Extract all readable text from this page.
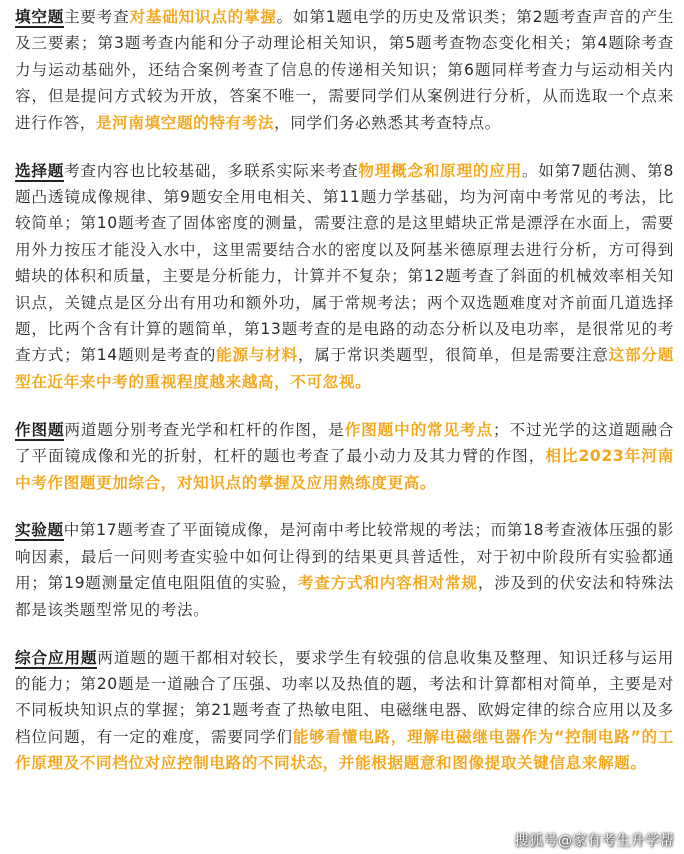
填空题主要考查对基础知识点的掌握。如第1题电学的历史及常识类；第2题考查声音的产生及三要素；第3题考查内能和分子动理论相关知识，第5题考查物态变化相关；第4题除考查力与运动基础外，还结合案例考查了信息的传递相关知识；第6题同样考查力与运动相关内容，但是提问方式较为开放，答案不唯一，需要同学们从案例进行分析，从而选取一个点来进行作答，是河南填空题的特有考法，同学们务必熟悉其考查特点。

选择题考查内容也比较基础，多联系实际来考查物理概念和原理的应用。如第7题估测、第8题凸透镜成像规律、第9题安全用电相关、第11题力学基础，均为河南中考常见的考法，比较简单；第10题考查了固体密度的测量，需要注意的是这里蜡块正常是漂浮在水面上，需要用外力按压才能没入水中，这里需要结合水的密度以及阿基米德原理去进行分析，方可得到蜡块的体积和质量，主要是分析能力，计算并不复杂；第12题考查了斜面的机械效率相关知识点，关键点是区分出有用功和额外功，属于常规考法；两个双选题难度对齐前面几道选择题，比两个含有计算的题简单，第13题考查的是电路的动态分析以及电功率，是很常见的考查方式；第14题则是考查的能源与材料，属于常识类题型，很简单，但是需要注意这部分题型在近年来中考的重视程度越来越高，不可忽视。

作图题两道题分别考查光学和杠杆的作图，是作图题中的常见考点；不过光学的这道题融合了平面镜成像和光的折射，杠杆的题也考查了最小动力及其力臂的作图，相比2023年河南中考作图题更加综合，对知识点的掌握及应用熟练度更高。

实验题中第17题考查了平面镜成像，是河南中考比较常规的考法；而第18考查液体压强的影响因素，最后一问则考查实验中如何让得到的结果更具普适性，对于初中阶段所有实验都通用；第19题测量定值电阻阻值的实验，考查方式和内容相对常规，涉及到的伏安法和特殊法都是该类题型常见的考法。

综合应用题两道题的题干都相对较长，要求学生有较强的信息收集及整理、知识迁移与运用的能力；第20题是一道融合了压强、功率以及热值的题，考法和计算都相对简单，主要是对不同板块知识点的掌握；第21题考查了热敏电阻、电磁继电器、欧姆定律的综合应用以及多档位问题，有一定的难度，需要同学们能够看懂电路，理解电磁继电器作为“控制电路”的工作原理及不同档位对应控制电路的不同状态，并能根据题意和图像提取关键信息来解题。

搜狐号@家有考生升学帮
